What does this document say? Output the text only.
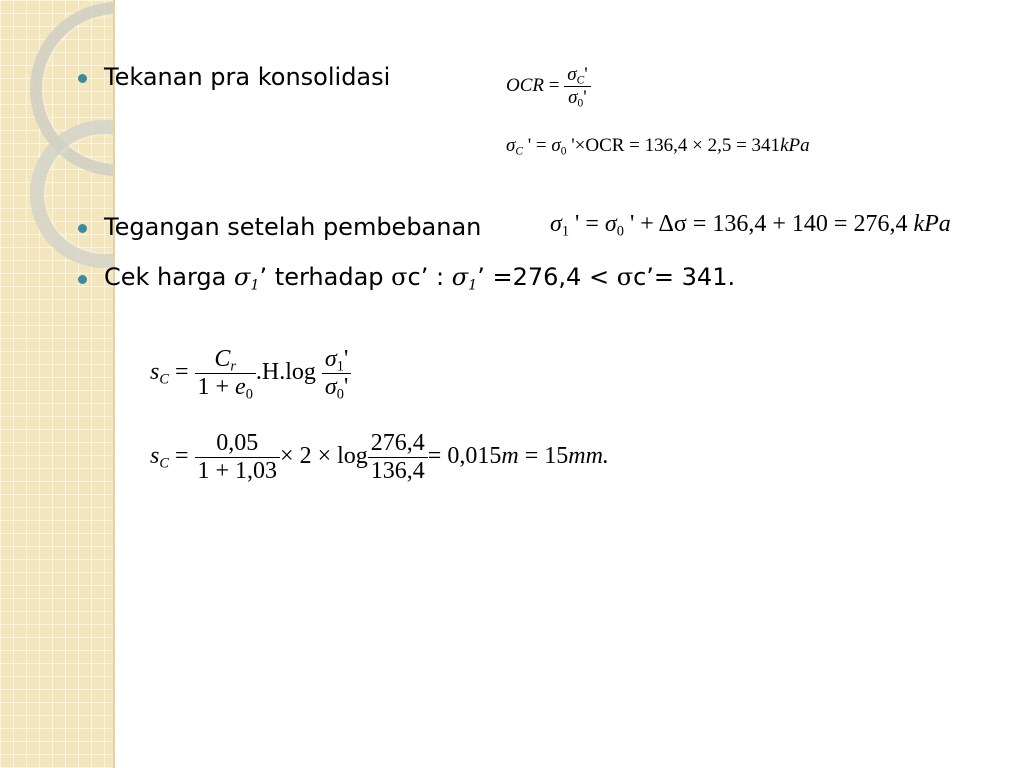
Tekanan pra konsolidasi
Tegangan setelah pembebanan
Cek harga $\sigma_1$’ terhadap σc’ : $\sigma_1$’ =276,4 < σc’= 341.
OCR = $\frac{\sigma_C'}{\sigma_0'}$
$\sigma_C$ ' = $\sigma_0$ '×OCR = 136,4 × 2,5 = 341kPa
$\sigma_1$ ' = $\sigma_0$ ' + Δσ = 136,4 + 140 = 276,4 kPa
$s_C = \frac{C_r}{1 + e_0} .H.\log \frac{\sigma_1'}{\sigma_0'}$
$s_C = \frac{0,05}{1 + 1,03} \times 2 \times \log \frac{276,4}{136,4} = 0,015m = 15mm$.
